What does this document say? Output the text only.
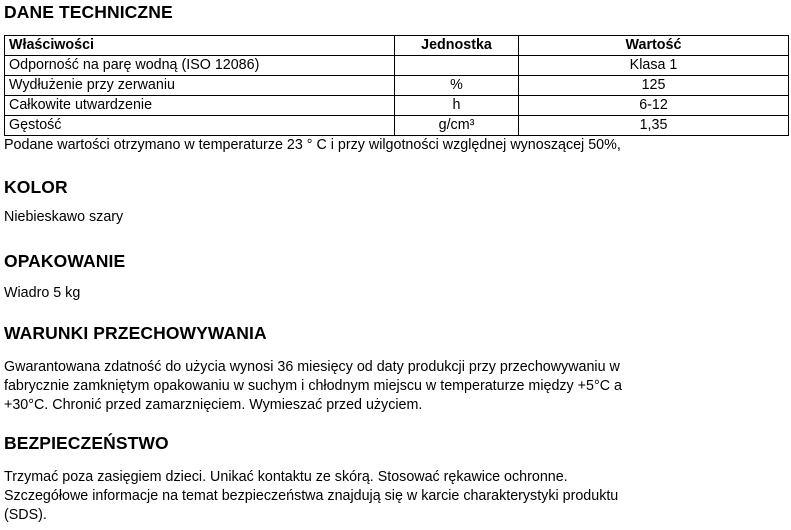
DANE TECHNICZNE
Właściwości	Jednostka	Wartość
Odporność na parę wodną (ISO 12086)		Klasa 1
Wydłużenie przy zerwaniu	%	125
Całkowite utwardzenie	h	6-12
Gęstość	g/cm³	1,35

Podane wartości otrzymano w temperaturze 23 ° C i przy wilgotności względnej wynoszącej 50%,

KOLOR

Niebieskawo szary

OPAKOWANIE

Wiadro 5 kg

WARUNKI PRZECHOWYWANIA

Gwarantowana zdatność do użycia wynosi 36 miesięcy od daty produkcji przy przechowywaniu w

fabrycznie zamkniętym opakowaniu w suchym i chłodnym miejscu w temperaturze między +5°C a

+30°C. Chronić przed zamarznięciem. Wymieszać przed użyciem.

BEZPIECZEŃSTWO

Trzymać poza zasięgiem dzieci. Unikać kontaktu ze skórą. Stosować rękawice ochronne.

Szczegółowe informacje na temat bezpieczeństwa znajdują się w karcie charakterystyki produktu

(SDS).
